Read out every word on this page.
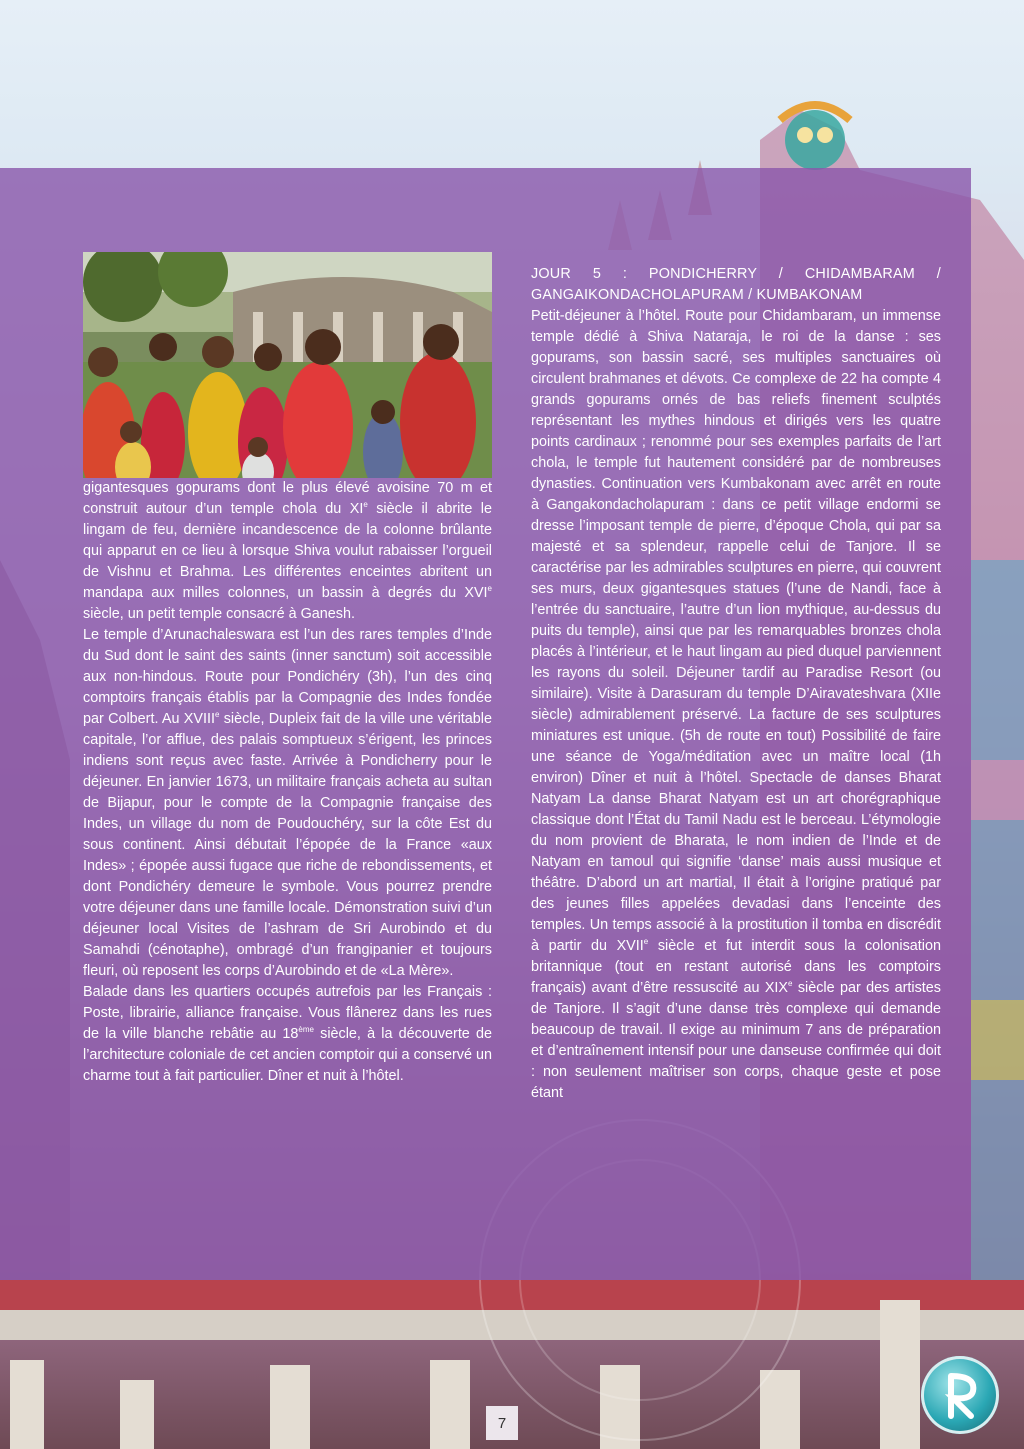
gigantesques gopurams dont le plus élevé avoisine 70 m et construit autour d’un temple chola du XIe siècle il abrite le lingam de feu, dernière incandescence de la colonne brûlante qui apparut en ce lieu à lorsque Shiva voulut rabaisser l’orgueil de Vishnu et Brahma. Les différentes enceintes abritent un mandapa aux milles colonnes, un bassin à degrés du XVIe siècle, un petit temple consacré à Ganesh.

Le temple d’Arunachaleswara est l’un des rares temples d’Inde du Sud dont le saint des saints (inner sanctum) soit accessible aux non-hindous. Route pour Pondichéry (3h), l’un des cinq comptoirs français établis par la Compagnie des Indes fondée par Colbert. Au XVIIIe siècle, Dupleix fait de la ville une véritable capitale, l’or afflue, des palais somptueux s’érigent, les princes indiens sont reçus avec faste. Arrivée à Pondicherry pour le déjeuner. En janvier 1673, un militaire français acheta au sultan de Bijapur, pour le compte de la Compagnie française des Indes, un village du nom de Poudouchéry, sur la côte Est du sous continent. Ainsi débutait l’épopée de la France «aux Indes» ; épopée aussi fugace que riche de rebondissements, et dont Pondichéry demeure le symbole. Vous pourrez prendre votre déjeuner dans une famille locale. Démonstration suivi d’un déjeuner local Visites de l’ashram de Sri Aurobindo et du Samahdi (cénotaphe), ombragé d’un frangipanier et toujours fleuri, où reposent les corps d’Aurobindo et de «La Mère».

Balade dans les quartiers occupés autrefois par les Français : Poste, librairie, alliance française. Vous flânerez dans les rues de la ville blanche rebâtie au 18ème siècle, à la découverte de l’architecture coloniale de cet ancien comptoir qui a conservé un charme tout à fait particulier. Dîner et nuit à l’hôtel.

JOUR 5 : PONDICHERRY / CHIDAMBARAM / GANGAIKONDACHOLAPURAM / KUMBAKONAM

Petit-déjeuner à l’hôtel. Route pour Chidambaram, un immense temple dédié à Shiva Nataraja, le roi de la danse : ses gopurams, son bassin sacré, ses multiples sanctuaires où circulent brahmanes et dévots. Ce complexe de 22 ha compte 4 grands gopurams ornés de bas reliefs finement sculptés représentant les mythes hindous et dirigés vers les quatre points cardinaux ; renommé pour ses exemples parfaits de l’art chola, le temple fut hautement considéré par de nombreuses dynasties. Continuation vers Kumbakonam avec arrêt en route à Gangakondacholapuram : dans ce petit village endormi se dresse l’imposant temple de pierre, d’époque Chola, qui par sa majesté et sa splendeur, rappelle celui de Tanjore. Il se caractérise par les admirables sculptures en pierre, qui couvrent ses murs, deux gigantesques statues (l’une de Nandi, face à l’entrée du sanctuaire, l’autre d’un lion mythique, au-dessus du puits du temple), ainsi que par les remarquables bronzes chola placés à l’intérieur, et le haut lingam au pied duquel parviennent les rayons du soleil. Déjeuner tardif au Paradise Resort (ou similaire). Visite à Darasuram du temple D’Airavateshvara (XIIe siècle) admirablement préservé. La facture de ses sculptures miniatures est unique. (5h de route en tout) Possibilité de faire une séance de Yoga/méditation avec un maître local (1h environ) Dîner et nuit à l’hôtel. Spectacle de danses Bharat Natyam La danse Bharat Natyam est un art chorégraphique classique dont l’État du Tamil Nadu est le berceau. L’étymologie du nom provient de Bharata, le nom indien de l’Inde et de Natyam en tamoul qui signifie ‘danse’ mais aussi musique et théâtre. D’abord un art martial, Il était à l’origine pratiqué par des jeunes filles appelées devadasi dans l’enceinte des temples. Un temps associé à la prostitution il tomba en discrédit à partir du XVIIe siècle et fut interdit sous la colonisation britannique (tout en restant autorisé dans les comptoirs français) avant d’être ressuscité au XIXe siècle par des artistes de Tanjore. Il s’agit d’une danse très complexe qui demande beaucoup de travail. Il exige au minimum 7 ans de préparation et d’entraînement intensif pour une danseuse confirmée qui doit : non seulement maîtriser son corps, chaque geste et pose étant

7
